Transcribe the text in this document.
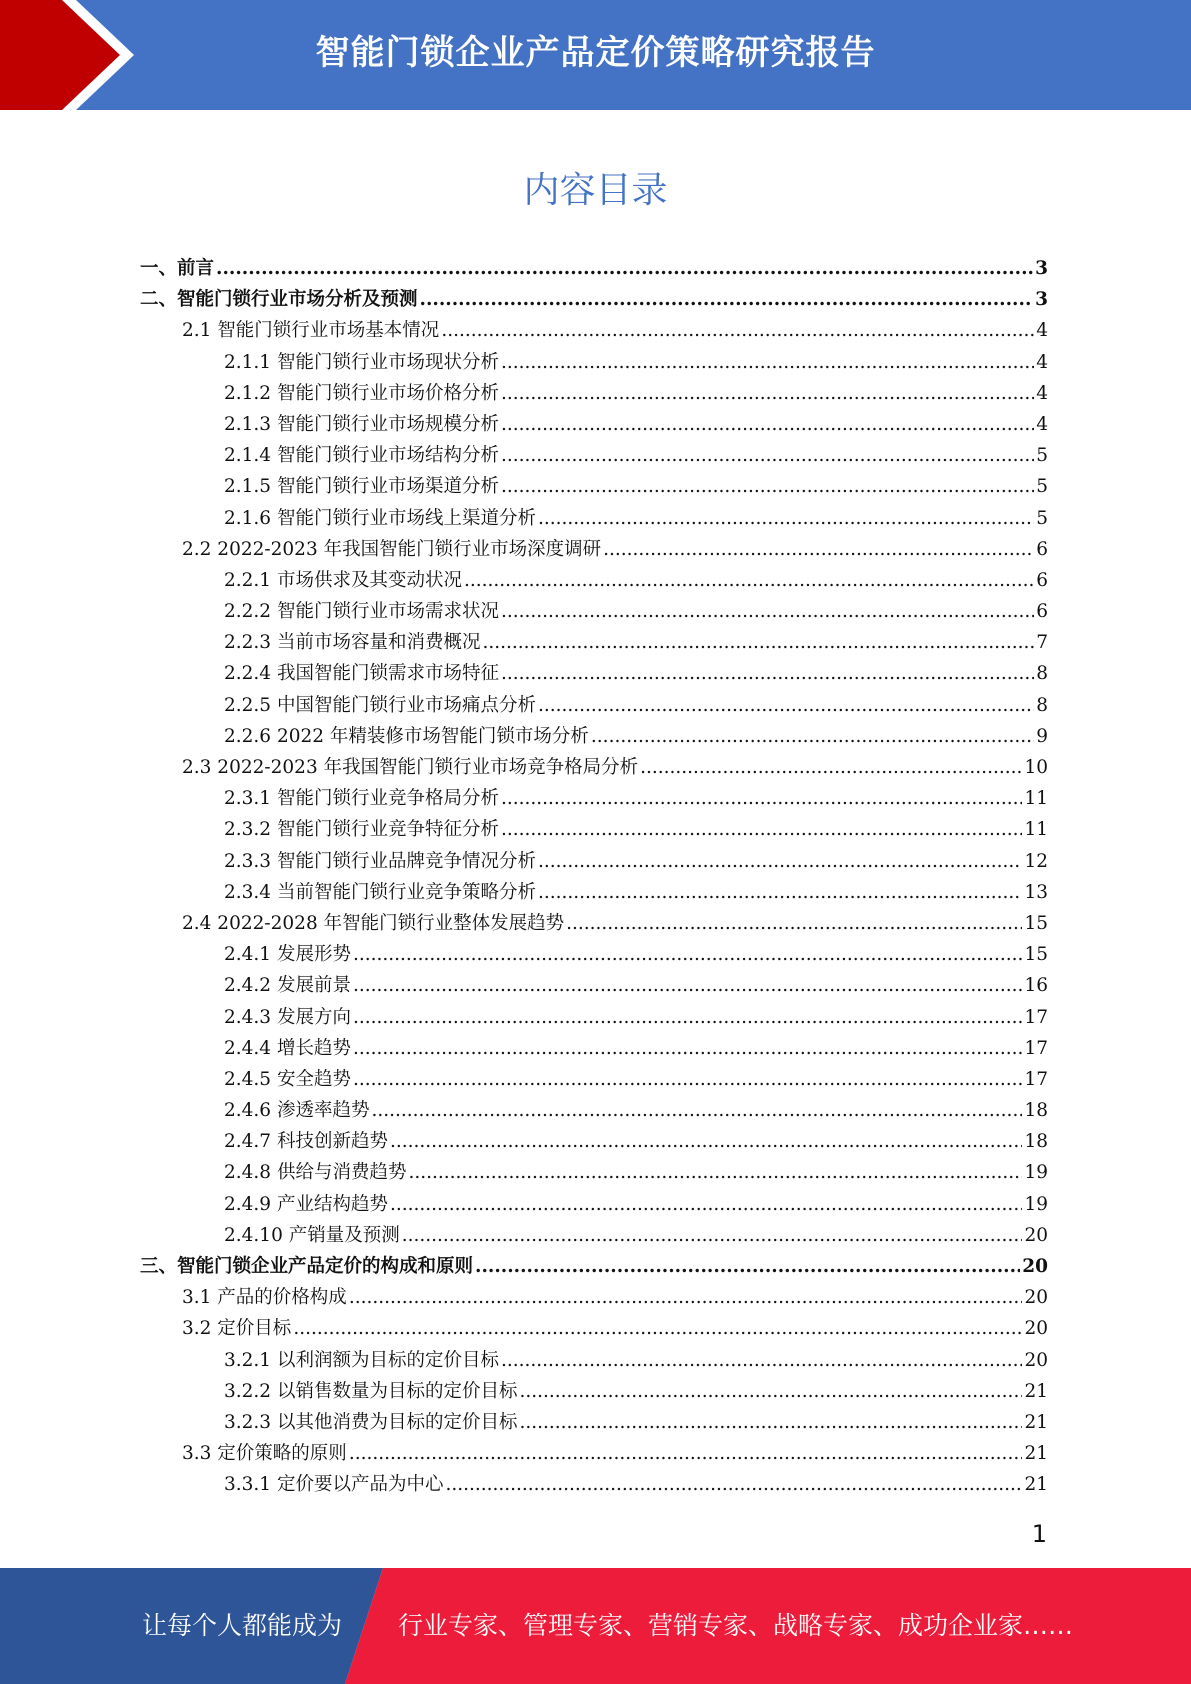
智能门锁企业产品定价策略研究报告
内容目录
一、前言 .....	3
二、智能门锁行业市场分析及预测 .....	3
2.1 智能门锁行业市场基本情况 .....	4
2.1.1 智能门锁行业市场现状分析 .....	4
2.1.2 智能门锁行业市场价格分析 .....	4
2.1.3 智能门锁行业市场规模分析 .....	4
2.1.4 智能门锁行业市场结构分析 .....	5
2.1.5 智能门锁行业市场渠道分析 .....	5
2.1.6 智能门锁行业市场线上渠道分析 .....	5
2.2 2022-2023 年我国智能门锁行业市场深度调研 .....	6
2.2.1 市场供求及其变动状况 .....	6
2.2.2 智能门锁行业市场需求状况 .....	6
2.2.3 当前市场容量和消费概况 .....	7
2.2.4 我国智能门锁需求市场特征 .....	8
2.2.5 中国智能门锁行业市场痛点分析 .....	8
2.2.6 2022 年精装修市场智能门锁市场分析 .....	9
2.3 2022-2023 年我国智能门锁行业市场竞争格局分析 .....	10
2.3.1 智能门锁行业竞争格局分析 .....	11
2.3.2 智能门锁行业竞争特征分析 .....	11
2.3.3 智能门锁行业品牌竞争情况分析 .....	12
2.3.4 当前智能门锁行业竞争策略分析 .....	13
2.4 2022-2028 年智能门锁行业整体发展趋势 .....	15
2.4.1 发展形势 .....	15
2.4.2 发展前景 .....	16
2.4.3 发展方向 .....	17
2.4.4 增长趋势 .....	17
2.4.5 安全趋势 .....	17
2.4.6 渗透率趋势 .....	18
2.4.7 科技创新趋势 .....	18
2.4.8 供给与消费趋势 .....	19
2.4.9 产业结构趋势 .....	19
2.4.10 产销量及预测 .....	20
三、智能门锁企业产品定价的构成和原则 .....	20
3.1 产品的价格构成 .....	20
3.2 定价目标 .....	20
3.2.1 以利润额为目标的定价目标 .....	20
3.2.2 以销售数量为目标的定价目标 .....	21
3.2.3 以其他消费为目标的定价目标 .....	21
3.3 定价策略的原则 .....	21
3.3.1 定价要以产品为中心 .....	21
1
让每个人都能成为 行业专家、管理专家、营销专家、战略专家、成功企业家……
